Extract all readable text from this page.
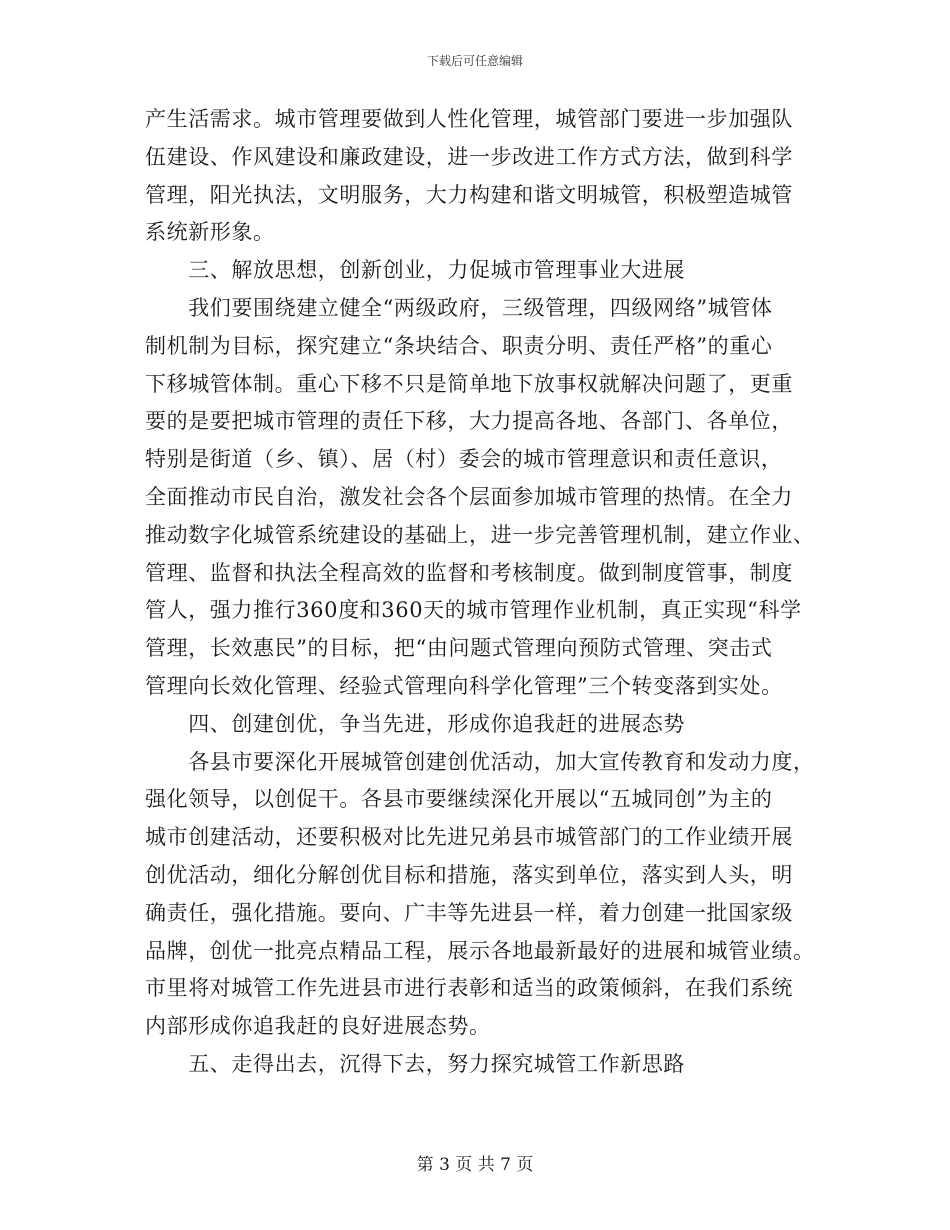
下载后可任意编辑
产生活需求。城市管理要做到人性化管理，城管部门要进一步加强队
伍建设、作风建设和廉政建设，进一步改进工作方式方法，做到科学
管理，阳光执法，文明服务，大力构建和谐文明城管，积极塑造城管
系统新形象。
　　三、解放思想，创新创业，力促城市管理事业大进展
　　我们要围绕建立健全“两级政府，三级管理，四级网络”城管体
制机制为目标，探究建立“条块结合、职责分明、责任严格”的重心
下移城管体制。重心下移不只是简单地下放事权就解决问题了，更重
要的是要把城市管理的责任下移，大力提高各地、各部门、各单位，
特别是街道（乡、镇）、居（村）委会的城市管理意识和责任意识，
全面推动市民自治，激发社会各个层面参加城市管理的热情。在全力
推动数字化城管系统建设的基础上，进一步完善管理机制，建立作业、
管理、监督和执法全程高效的监督和考核制度。做到制度管事，制度
管人，强力推行360度和360天的城市管理作业机制，真正实现“科学
管理，长效惠民”的目标，把“由问题式管理向预防式管理、突击式
管理向长效化管理、经验式管理向科学化管理”三个转变落到实处。
　　四、创建创优，争当先进，形成你追我赶的进展态势
　　各县市要深化开展城管创建创优活动，加大宣传教育和发动力度，
强化领导，以创促干。各县市要继续深化开展以“五城同创”为主的
城市创建活动，还要积极对比先进兄弟县市城管部门的工作业绩开展
创优活动，细化分解创优目标和措施，落实到单位，落实到人头，明
确责任，强化措施。要向、广丰等先进县一样，着力创建一批国家级
品牌，创优一批亮点精品工程，展示各地最新最好的进展和城管业绩。
市里将对城管工作先进县市进行表彰和适当的政策倾斜，在我们系统
内部形成你追我赶的良好进展态势。
　　五、走得出去，沉得下去，努力探究城管工作新思路
第 3 页 共 7 页
